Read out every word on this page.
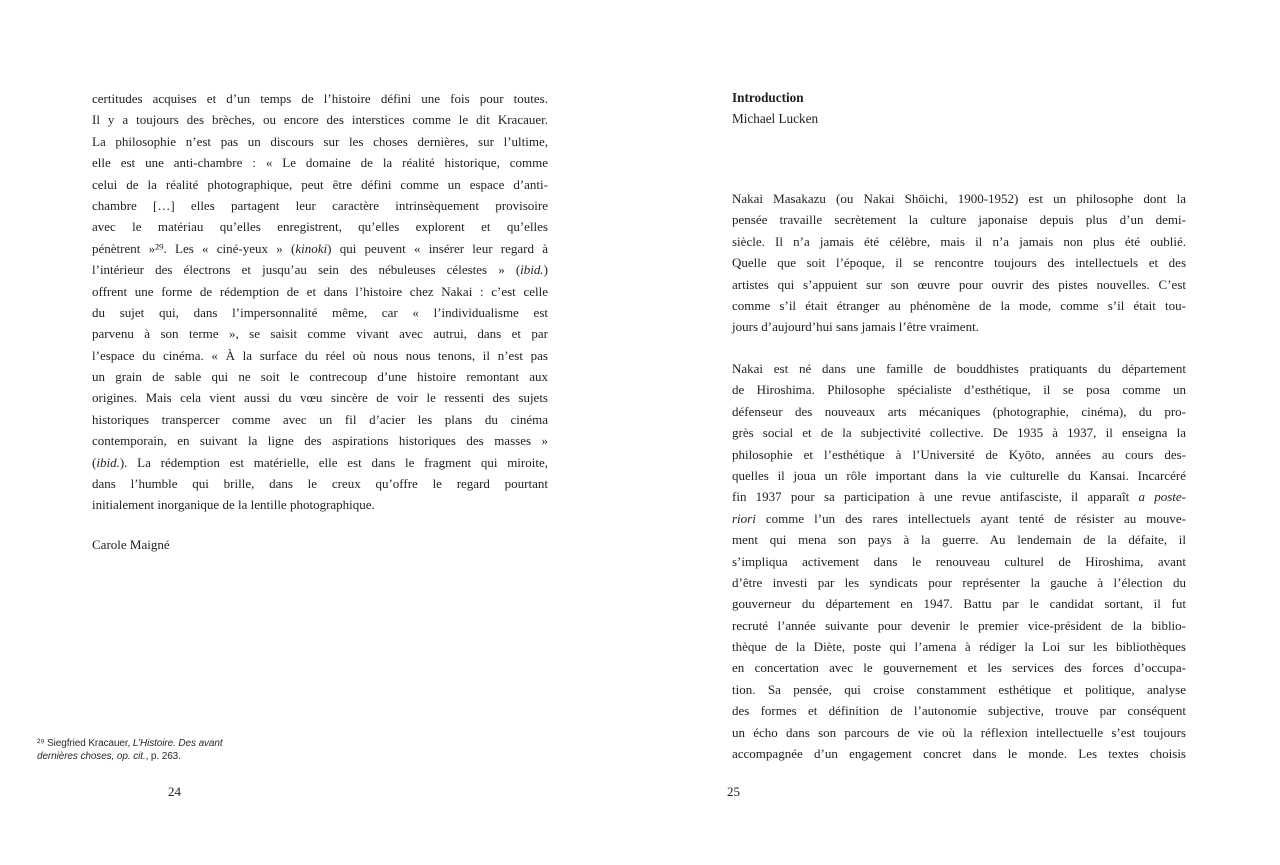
certitudes acquises et d’un temps de l’histoire défini une fois pour toutes.
Il y a toujours des brèches, ou encore des interstices comme le dit Kracauer.
La philosophie n’est pas un discours sur les choses dernières, sur l’ultime,
elle est une anti-chambre : « Le domaine de la réalité historique, comme
celui de la réalité photographique, peut être défini comme un espace d’anti-
chambre […] elles partagent leur caractère intrinsèquement provisoire
avec le matériau qu’elles enregistrent, qu’elles explorent et qu’elles
pénètrent »²⁹. Les « ciné-yeux » (kinoki) qui peuvent « insérer leur regard à
l’intérieur des électrons et jusqu’au sein des nébuleuses célestes » (ibid.)
offrent une forme de rédemption de et dans l’histoire chez Nakai : c’est celle
du sujet qui, dans l’impersonnalité même, car « l’individualisme est
parvenu à son terme », se saisit comme vivant avec autrui, dans et par
l’espace du cinéma. « À la surface du réel où nous nous tenons, il n’est pas
un grain de sable qui ne soit le contrecoup d’une histoire remontant aux
origines. Mais cela vient aussi du vœu sincère de voir le ressenti des sujets
historiques transpercer comme avec un fil d’acier les plans du cinéma
contemporain, en suivant la ligne des aspirations historiques des masses »
(ibid.). La rédemption est matérielle, elle est dans le fragment qui miroite,
dans l’humble qui brille, dans le creux qu’offre le regard pourtant
initialement inorganique de la lentille photographique.
Carole Maigné
²⁹ Siegfried Kracauer, L’Histoire. Des avant
dernières choses, op. cit., p. 263.
24
Introduction
Michael Lucken
Nakai Masakazu (ou Nakai Shōichi, 1900-1952) est un philosophe dont la
pensée travaille secrètement la culture japonaise depuis plus d’un demi-
siècle. Il n’a jamais été célèbre, mais il n’a jamais non plus été oublié.
Quelle que soit l’époque, il se rencontre toujours des intellectuels et des
artistes qui s’appuient sur son œuvre pour ouvrir des pistes nouvelles. C’est
comme s’il était étranger au phénomène de la mode, comme s’il était tou-
jours d’aujourd’hui sans jamais l’être vraiment.
Nakai est né dans une famille de bouddhistes pratiquants du département
de Hiroshima. Philosophe spécialiste d’esthétique, il se posa comme un
défenseur des nouveaux arts mécaniques (photographie, cinéma), du pro-
grès social et de la subjectivité collective. De 1935 à 1937, il enseigna la
philosophie et l’esthétique à l’Université de Kyōto, années au cours des-
quelles il joua un rôle important dans la vie culturelle du Kansai. Incarcéré
fin 1937 pour sa participation à une revue antifasciste, il apparaît a poste-
riori comme l’un des rares intellectuels ayant tenté de résister au mouve-
ment qui mena son pays à la guerre. Au lendemain de la défaite, il
s’impliqua activement dans le renouveau culturel de Hiroshima, avant
d’être investi par les syndicats pour représenter la gauche à l’élection du
gouverneur du département en 1947. Battu par le candidat sortant, il fut
recruté l’année suivante pour devenir le premier vice-président de la biblio-
thèque de la Diète, poste qui l’amena à rédiger la Loi sur les bibliothèques
en concertation avec le gouvernement et les services des forces d’occupa-
tion. Sa pensée, qui croise constamment esthétique et politique, analyse
des formes et définition de l’autonomie subjective, trouve par conséquent
un écho dans son parcours de vie où la réflexion intellectuelle s’est toujours
accompagnée d’un engagement concret dans le monde. Les textes choisis
25
